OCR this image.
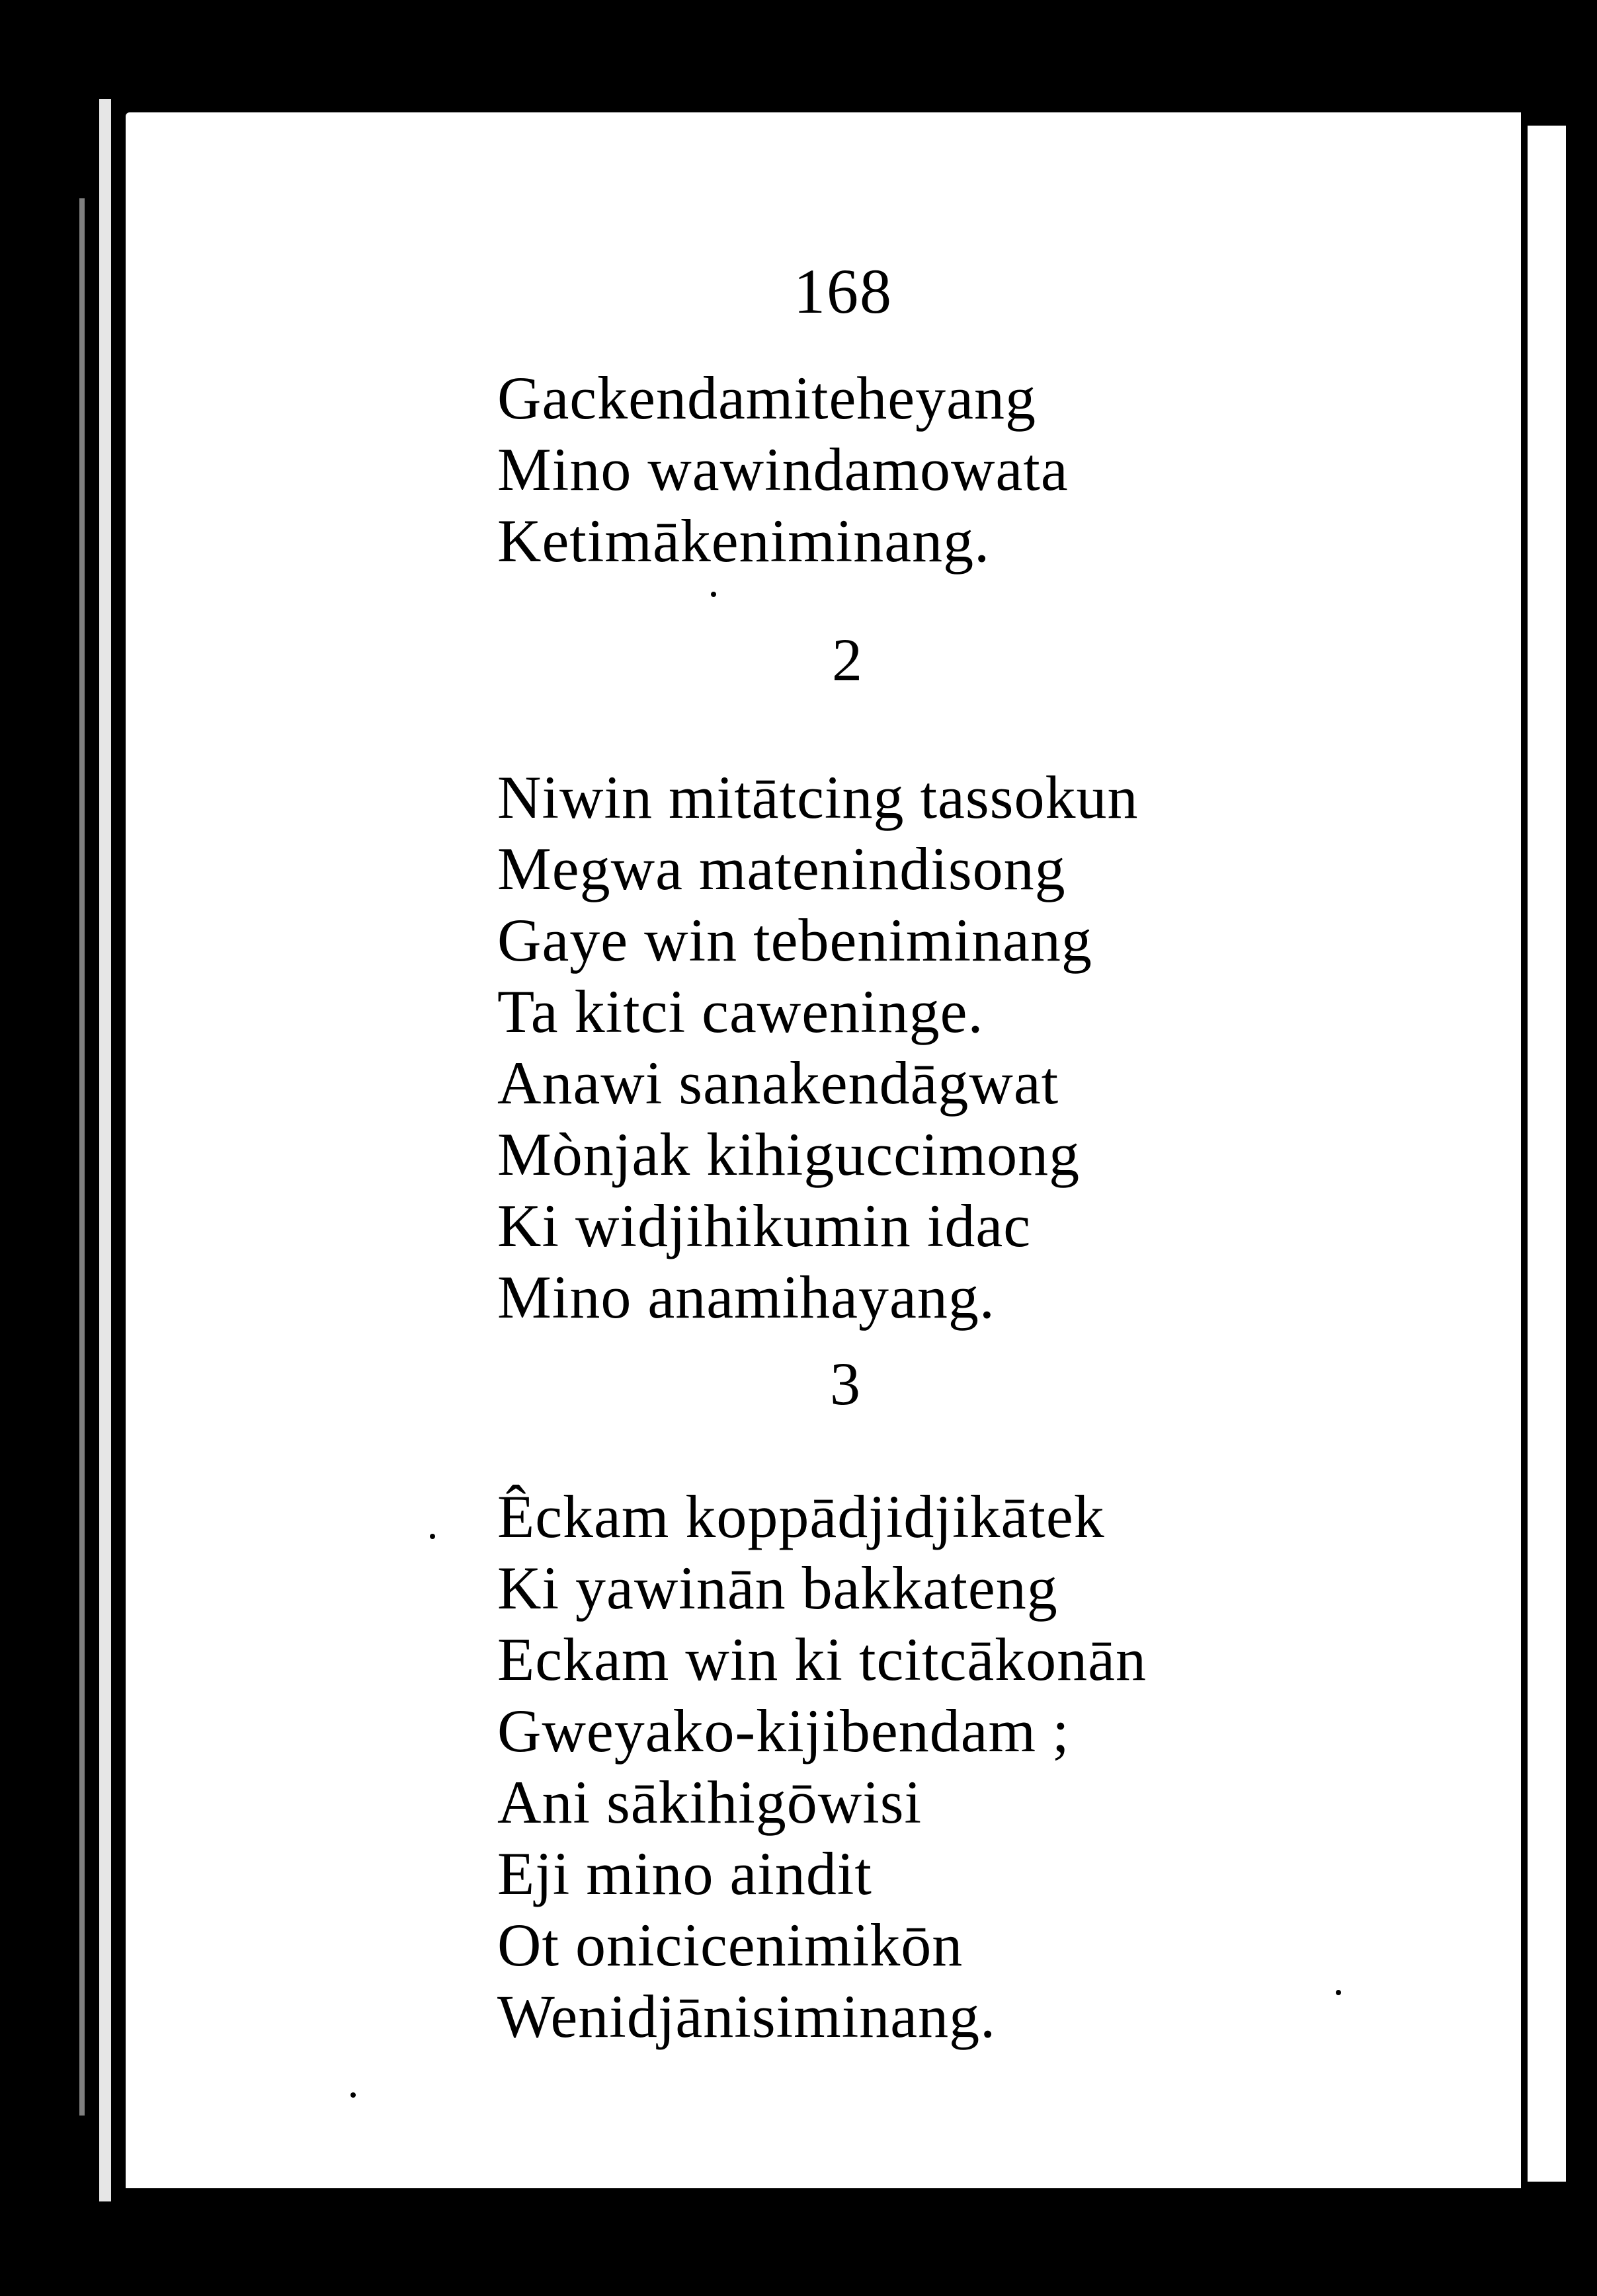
168
Gackendamiteheyang
Mino wawindamowata
Ketimākeniminang.
2
Niwin mitātcing tassokun
Megwa matenindisong
Gaye win tebeniminang
Ta kitci caweninge.
Anawi sanakendāgwat
Mònjak kihiguccimong
Ki widjihikumin idac
Mino anamihayang.
3
Êckam koppādjidjikātek
Ki yawinān bakkateng
Eckam win ki tcitcākonān
Gweyako-kijibendam ;
Ani sākihigōwisi
Eji mino aindit
Ot onicicenimikōn
Wenidjānisiminang.
